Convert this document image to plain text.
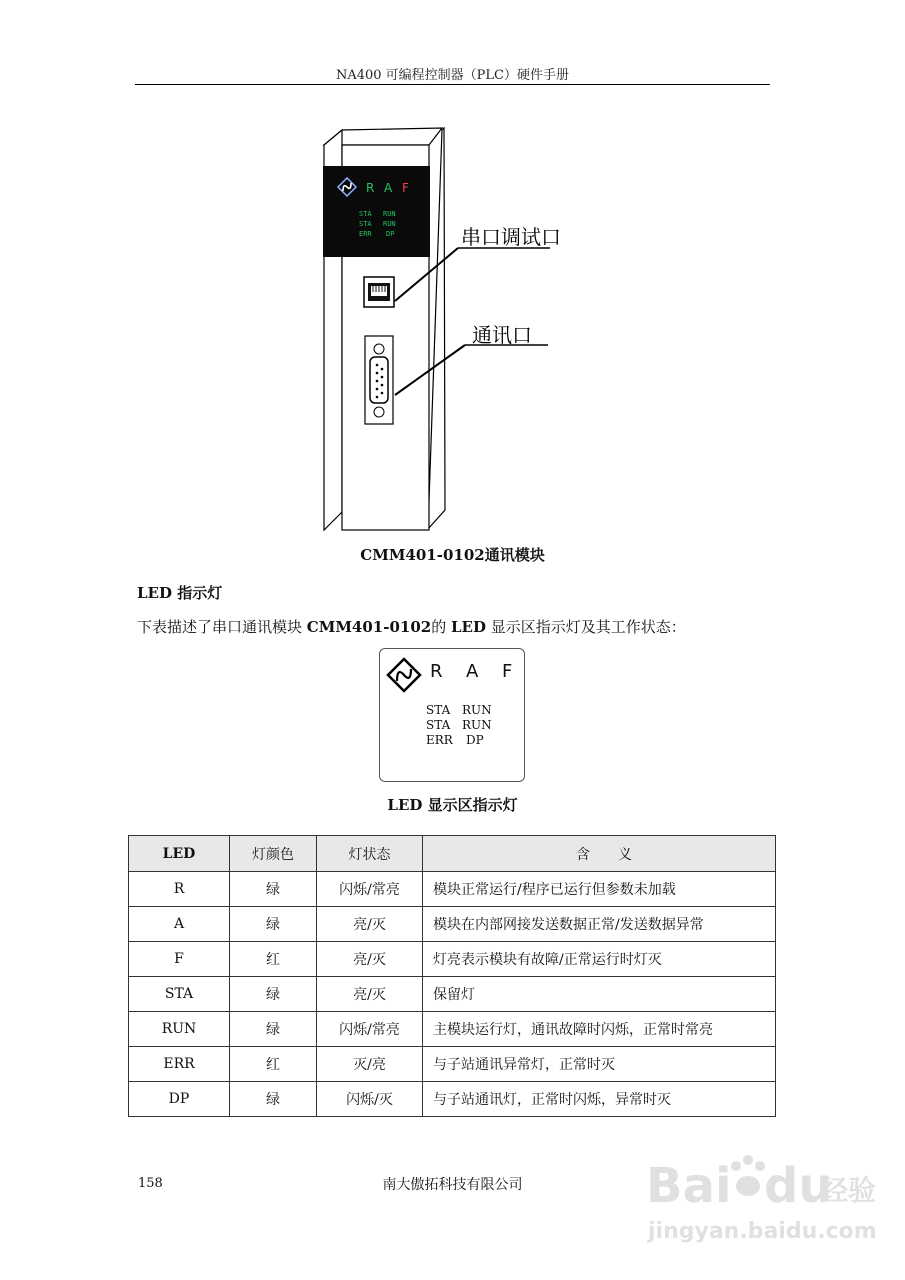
NA400 可编程控制器（PLC）硬件手册
R A F
STA RUN
STA RUN
ERR DP	串口调试口
通讯口
CMM401-0102通讯模块
LED 指示灯
下表描述了串口通讯模块 CMM401-0102的 LED 显示区指示灯及其工作状态：
R A F
STA RUN
STA RUN
ERR DP
LED 显示区指示灯
LED	灯颜色	灯状态	含　　义
R	绿	闪烁/常亮	模块正常运行/程序已运行但参数未加载
A	绿	亮/灭	模块在内部网接发送数据正常/发送数据异常
F	红	亮/灭	灯亮表示模块有故障/正常运行时灯灭
STA	绿	亮/灭	保留灯
RUN	绿	闪烁/常亮	主模块运行灯，通讯故障时闪烁，正常时常亮
ERR	红	灭/亮	与子站通讯异常灯，正常时灭
DP	绿	闪烁/灭	与子站通讯灯，正常时闪烁，异常时灭
158	南大傲拓科技有限公司	Bai du
经验
jingyan.baidu.com
